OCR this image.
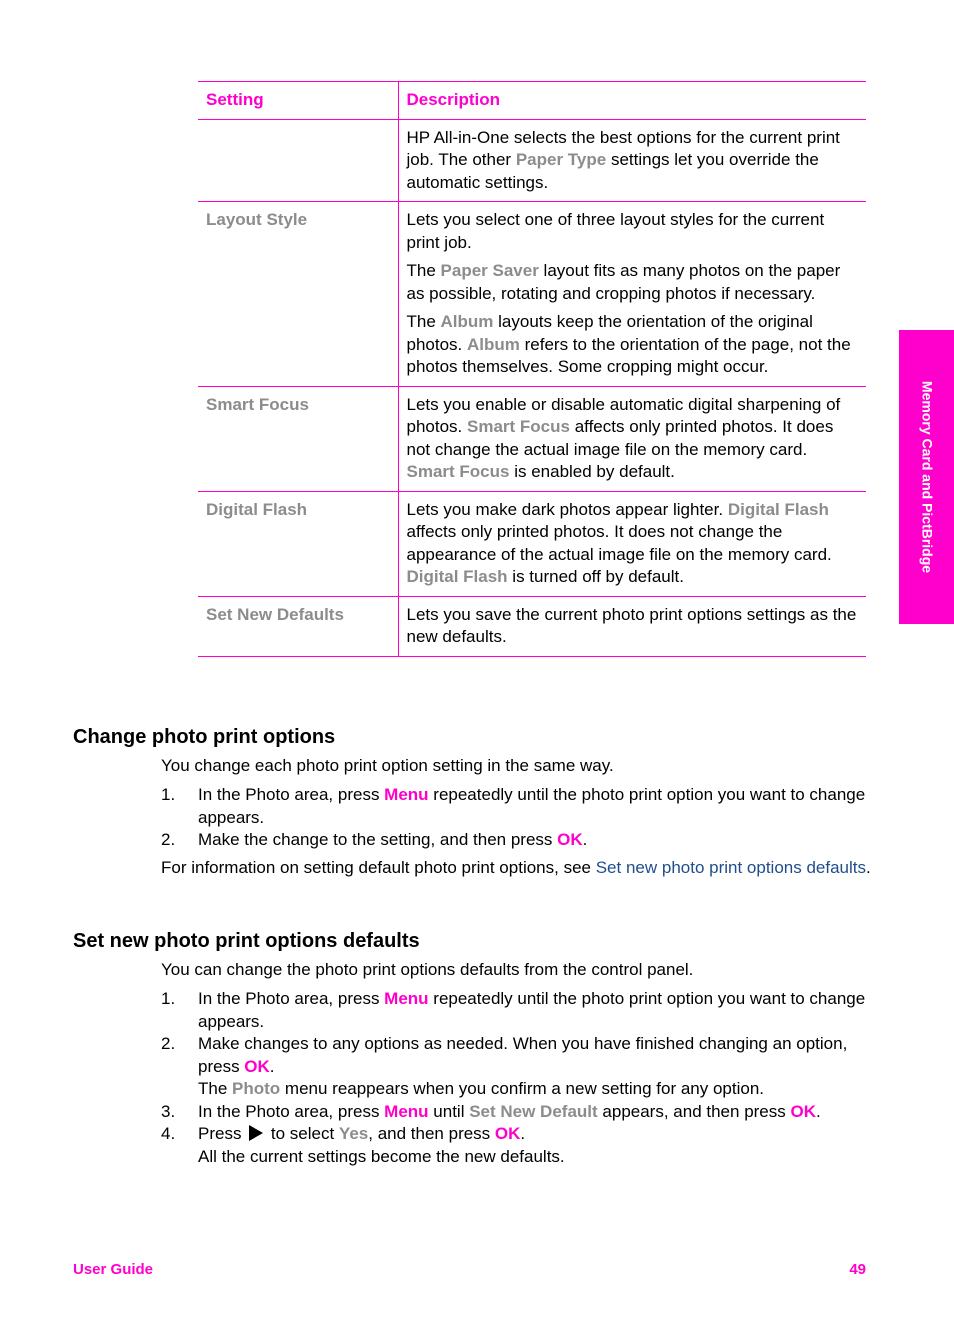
Setting	Description

	HP All-in-One selects the best options for the current print job. The other Paper Type settings let you override the automatic settings.

Layout Style	Lets you select one of three layout styles for the current print job.

The Paper Saver layout fits as many photos on the paper as possible, rotating and cropping photos if necessary.

The Album layouts keep the orientation of the original photos. Album refers to the orientation of the page, not the photos themselves. Some cropping might occur.

Smart Focus	Lets you enable or disable automatic digital sharpening of photos. Smart Focus affects only printed photos. It does not change the actual image file on the memory card. Smart Focus is enabled by default.

Digital Flash	Lets you make dark photos appear lighter. Digital Flash affects only printed photos. It does not change the appearance of the actual image file on the memory card. Digital Flash is turned off by default.

Set New Defaults	Lets you save the current photo print options settings as the new defaults.

Memory Card and PictBridge
Change photo print options

You change each photo print option setting in the same way.

1. In the Photo area, press Menu repeatedly until the photo print option you want to change appears.
2. Make the change to the setting, and then press OK.

For information on setting default photo print options, see Set new photo print options defaults.

Set new photo print options defaults

You can change the photo print options defaults from the control panel.

1. In the Photo area, press Menu repeatedly until the photo print option you want to change appears.
2. Make changes to any options as needed. When you have finished changing an option, press OK.
The Photo menu reappears when you confirm a new setting for any option.
3. In the Photo area, press Menu until Set New Default appears, and then press OK.
4. Press  to select Yes, and then press OK.
All the current settings become the new defaults.
User Guide	49
